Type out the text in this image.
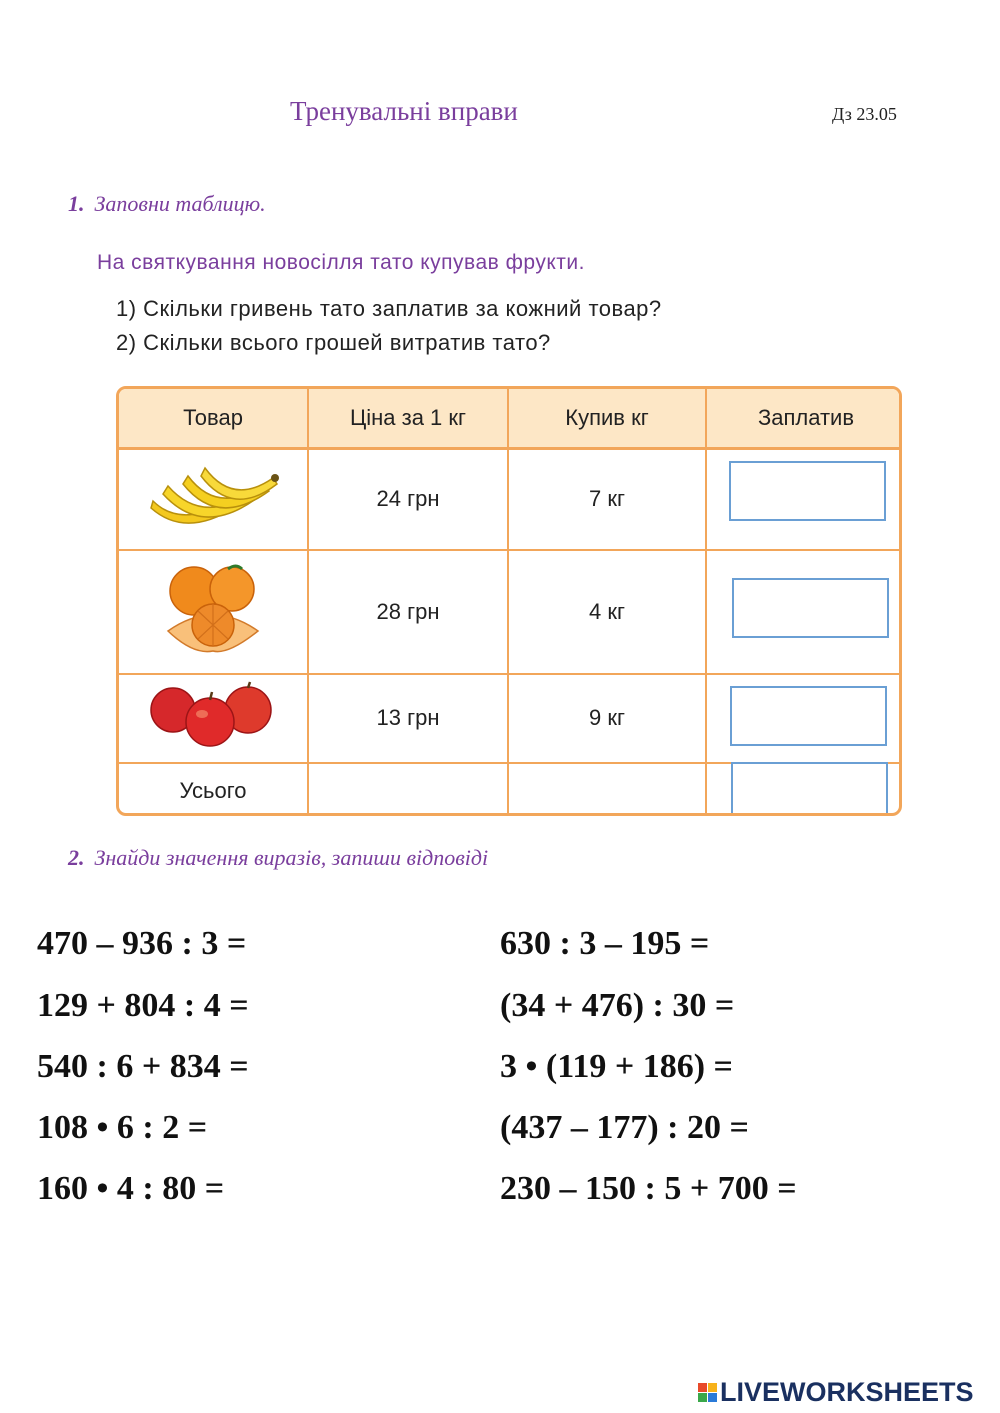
Тренувальні вправи	Дз 23.05
1. Заповни таблицю.
На святкування новосілля тато купував фрукти.
1) Скільки гривень тато заплатив за кожний товар?
2) Скільки всього грошей витратив тато?
Товар	Ціна за 1 кг	Купив кг	Заплатив
	24 грн	7 кг	

	28 грн	4 кг	

	13 грн	9 кг	

Усього			
2. Знайди значення виразів, запиши відповіді
470 – 936 : 3 =
129 + 804 : 4 =
540 : 6 + 834 =
108 • 6 : 2 =
160 • 4 : 80 =
630 : 3 – 195 =
(34 + 476) : 30 =
3 • (119 + 186) =
(437 – 177) : 20 =
230 – 150 : 5 + 700 =
LIVEWORKSHEETS
